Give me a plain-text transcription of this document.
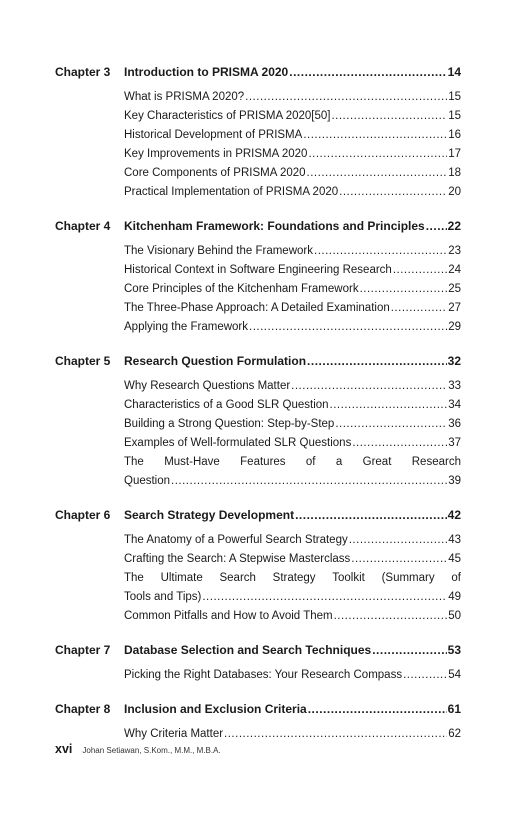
Chapter 3	Introduction to PRISMA 2020 .....	14
What is PRISMA 2020? .....	15
Key Characteristics of PRISMA 2020[50] .....	15
Historical Development of PRISMA .....	16
Key Improvements in PRISMA 2020 .....	17
Core Components of PRISMA 2020 .....	18
Practical Implementation of PRISMA 2020 .....	20
Chapter 4	Kitchenham Framework: Foundations and Principles ..... 22
The Visionary Behind the Framework .....	23
Historical Context in Software Engineering Research .....	24
Core Principles of the Kitchenham Framework .....	25
The Three-Phase Approach: A Detailed Examination .....	27
Applying the Framework .....	29
Chapter 5	Research Question Formulation .....	32
Why Research Questions Matter .....	33
Characteristics of a Good SLR Question .....	34
Building a Strong Question: Step-by-Step .....	36
Examples of Well-formulated SLR Questions .....	37
The Must-Have Features of a Great Research
Question .....	39
Chapter 6	Search Strategy Development .....	42
The Anatomy of a Powerful Search Strategy .....	43
Crafting the Search: A Stepwise Masterclass .....	45
The Ultimate Search Strategy Toolkit (Summary of
Tools and Tips) .....	49
Common Pitfalls and How to Avoid Them .....	50
Chapter 7	Database Selection and Search Techniques .....	53
Picking the Right Databases: Your Research Compass .....	54
Chapter 8	Inclusion and Exclusion Criteria .....	61
Why Criteria Matter .....	62
xvi Johan Setiawan, S.Kom., M.M., M.B.A.
